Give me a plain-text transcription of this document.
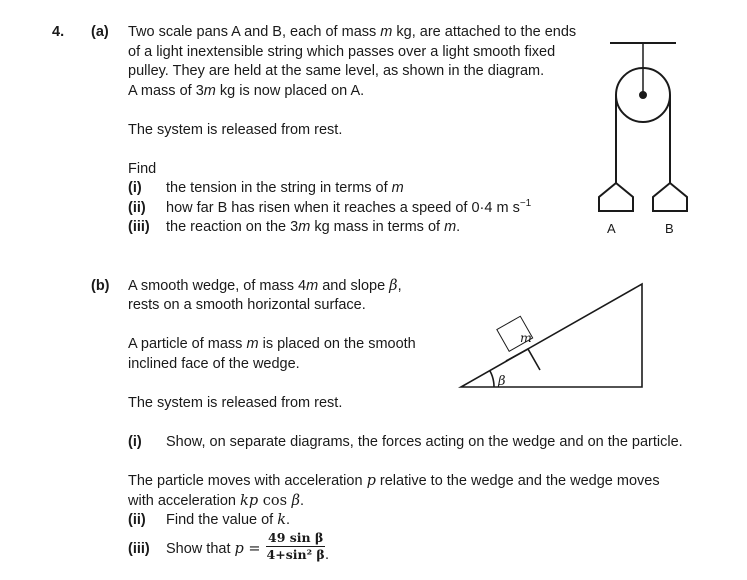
4. (a) Two scale pans A and B, each of mass m kg, are attached to the ends
of a light inextensible string which passes over a light smooth fixed
pulley. They are held at the same level, as shown in the diagram.
A mass of 3m kg is now placed on A.
The system is released from rest.
Find
(i) the tension in the string in terms of m
(ii) how far B has risen when it reaches a speed of 0·4 m $s^{-1}$
(iii) the reaction on the 3m kg mass in terms of m.	A	B
(b) A smooth wedge, of mass 4m and slope β,
rests on a smooth horizontal surface.
A particle of mass m is placed on the smooth
inclined face of the wedge.
m
β
The system is released from rest.
(i) Show, on separate diagrams, the forces acting on the wedge and on the particle.
The particle moves with acceleration p relative to the wedge and the wedge moves
with acceleration kp cos β.
(ii) Find the value of k.
(iii) Show that $p = \frac{\text{49 sin β}}{\text{4+sin² β}}$ .
